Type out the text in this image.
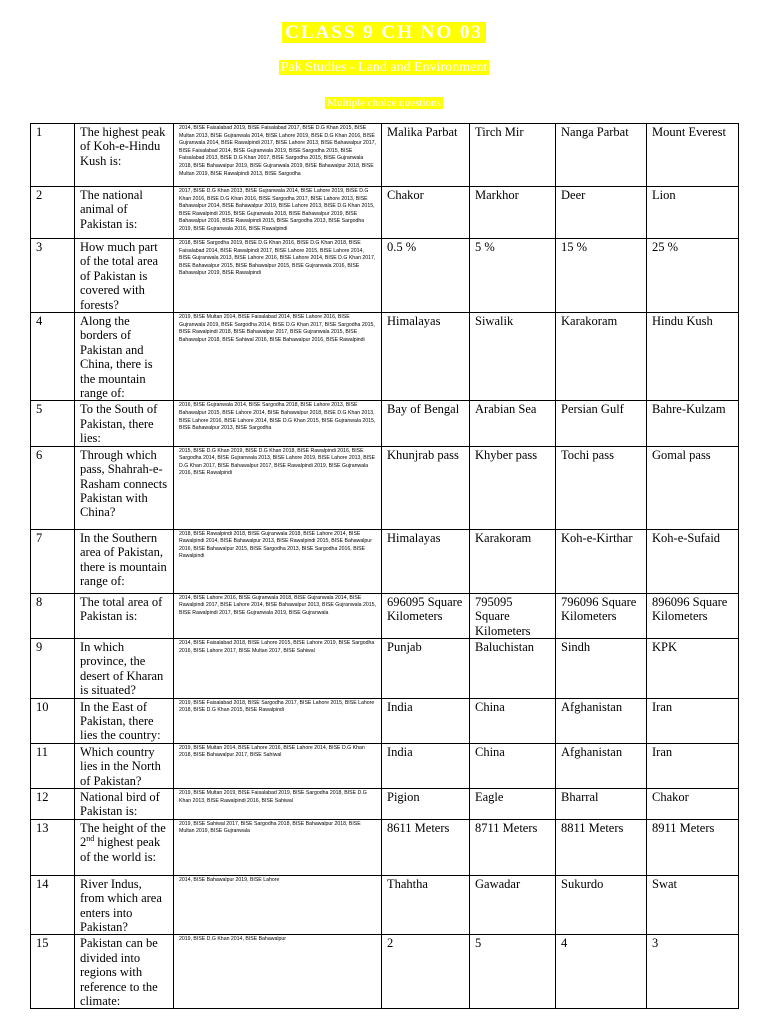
CLASS 9 CH NO 03
Pak Studies - Land and Environment
Multiple choice questions
1	The highest peak of Koh-e-Hindu Kush is:	2014, BISE Faisalabad 2019, BISE Faisalabad 2017, BISE D.G Khan 2015, BISE Multan 2013, BISE Gujranwala 2014, BISE Lahore 2019, BISE D.G Khan 2016, BISE Gujranwala 2014, BISE Rawalpindi 2017, BISE Lahore 2013, BISE Bahawalpur 2017, BISE Faisalabad 2014, BISE Gujranwala 2019, BISE Sargodha 2015, BISE Faisalabad 2013, BISE D.G Khan 2017, BISE Sargodha 2015, BISE Gujranwala 2018, BISE Bahawalpur 2019, BISE Gujranwala 2019, BISE Bahawalpur 2018, BISE Multan 2019, BISE Rawalpindi 2013, BISE Sargodha	Malika Parbat	Tirch Mir	Nanga Parbat	Mount Everest
2	The national animal of Pakistan is:	2017, BISE D.G Khan 2013, BISE Gujranwala 2014, BISE Lahore 2019, BISE D.G Khan 2016, BISE D.G Khan 2016, BISE Sargodha 2017, BISE Lahore 2013, BISE Bahawalpur 2014, BISE Bahawalpur 2019, BISE Lahore 2013, BISE D.G Khan 2015, BISE Rawalpindi 2015, BISE Gujranwala 2018, BISE Bahawalpur 2019, BISE Bahawalpur 2016, BISE Rawalpindi 2015, BISE Sargodha 2013, BISE Sargodha 2019, BISE Gujranwala 2016, BISE Rawalpindi	Chakor	Markhor	Deer	Lion
3	How much part of the total area of Pakistan is covered with forests?	2018, BISE Sargodha 2019, BISE D.G Khan 2016, BISE D.G Khan 2018, BISE Faisalabad 2014, BISE Rawalpindi 2017, BISE Lahore 2015, BISE Lahore 2014, BISE Gujranwala 2013, BISE Lahore 2016, BISE Lahore 2014, BISE D.G Khan 2017, BISE Bahawalpur 2015, BISE Bahawalpur 2015, BISE Gujranwala 2016, BISE Bahawalpur 2019, BISE Rawalpindi	0.5 %	5 %	15 %	25 %
4	Along the borders of Pakistan and China, there is the mountain range of:	2019, BISE Multan 2014, BISE Faisalabad 2014, BISE Lahore 2016, BISE Gujranwala 2019, BISE Sargodha 2014, BISE D.G Khan 2017, BISE Sargodha 2015, BISE Rawalpindi 2018, BISE Bahawalpur 2017, BISE Gujranwala 2015, BISE Bahawalpur 2018, BISE Sahiwal 2016, BISE Bahawalpur 2016, BISE Rawalpindi	Himalayas	Siwalik	Karakoram	Hindu Kush
5	To the South of Pakistan, there lies:	2016, BISE Gujranwala 2014, BISE Sargodha 2018, BISE Lahore 2013, BISE Bahawalpur 2015, BISE Lahore 2014, BISE Bahawalpur 2018, BISE D.G Khan 2013, BISE Lahore 2016, BISE Lahore 2014, BISE D.G Khan 2015, BISE Gujranwala 2015, BISE Bahawalpur 2013, BISE Sargodha	Bay of Bengal	Arabian Sea	Persian Gulf	Bahre-Kulzam
6	Through which pass, Shahrah-e-Rasham connects Pakistan with China?	2015, BISE D.G Khan 2019, BISE D.G Khan 2018, BISE Rawalpindi 2016, BISE Sargodha 2014, BISE Gujranwala 2013, BISE Lahore 2019, BISE Lahore 2013, BISE D.G Khan 2017, BISE Bahawalpur 2017, BISE Rawalpindi 2019, BISE Gujranwala 2016, BISE Rawalpindi	Khunjrab pass	Khyber pass	Tochi pass	Gomal pass
7	In the Southern area of Pakistan, there is mountain range of:	2018, BISE Rawalpindi 2018, BISE Gujranwala 2018, BISE Lahore 2014, BISE Rawalpindi 2014, BISE Bahawalpur 2013, BISE Rawalpindi 2015, BISE Bahawalpur 2016, BISE Bahawalpur 2015, BISE Sargodha 2013, BISE Sargodha 2016, BISE Rawalpindi	Himalayas	Karakoram	Koh-e-Kirthar	Koh-e-Sufaid
8	The total area of Pakistan is:	2014, BISE Lahore 2016, BISE Gujranwala 2018, BISE Gujranwala 2014, BISE Rawalpindi 2017, BISE Lahore 2014, BISE Bahawalpur 2013, BISE Gujranwala 2015, BISE Rawalpindi 2017, BISE Gujranwala 2019, BISE Gujranwala	696095 Square Kilometers	795095 Square Kilometers	796096 Square Kilometers	896096 Square Kilometers
9	In which province, the desert of Kharan is situated?	2014, BISE Faisalabad 2018, BISE Lahore 2015, BISE Lahore 2019, BISE Sargodha 2016, BISE Lahore 2017, BISE Multan 2017, BISE Sahiwal	Punjab	Baluchistan	Sindh	KPK
10	In the East of Pakistan, there lies the country:	2019, BISE Faisalabad 2018, BISE Sargodha 2017, BISE Lahore 2015, BISE Lahore 2018, BISE D.G Khan 2015, BISE Rawalpindi	India	China	Afghanistan	Iran
11	Which country lies in the North of Pakistan?	2019, BISE Multan 2014, BISE Lahore 2016, BISE Lahore 2014, BISE D.G Khan 2018, BISE Bahawalpur 2017, BISE Sahiwal	India	China	Afghanistan	Iran
12	National bird of Pakistan is:	2019, BISE Multan 2019, BISE Faisalabad 2019, BISE Sargodha 2018, BISE D.G Khan 2013, BISE Rawalpindi 2016, BISE Sahiwal	Pigion	Eagle	Bharral	Chakor
13	The height of the 2nd highest peak of the world is:	2019, BISE Sahiwal 2017, BISE Sargodha 2018, BISE Bahawalpur 2018, BISE Multan 2019, BISE Gujranwala	8611 Meters	8711 Meters	8811 Meters	8911 Meters
14	River Indus, from which area enters into Pakistan?	2014, BISE Bahawalpur 2019, BISE Lahore	Thahtha	Gawadar	Sukurdo	Swat
15	Pakistan can be divided into regions with reference to the climate:	2019, BISE D.G Khan 2014, BISE Bahawalpur	2	5	4	3
